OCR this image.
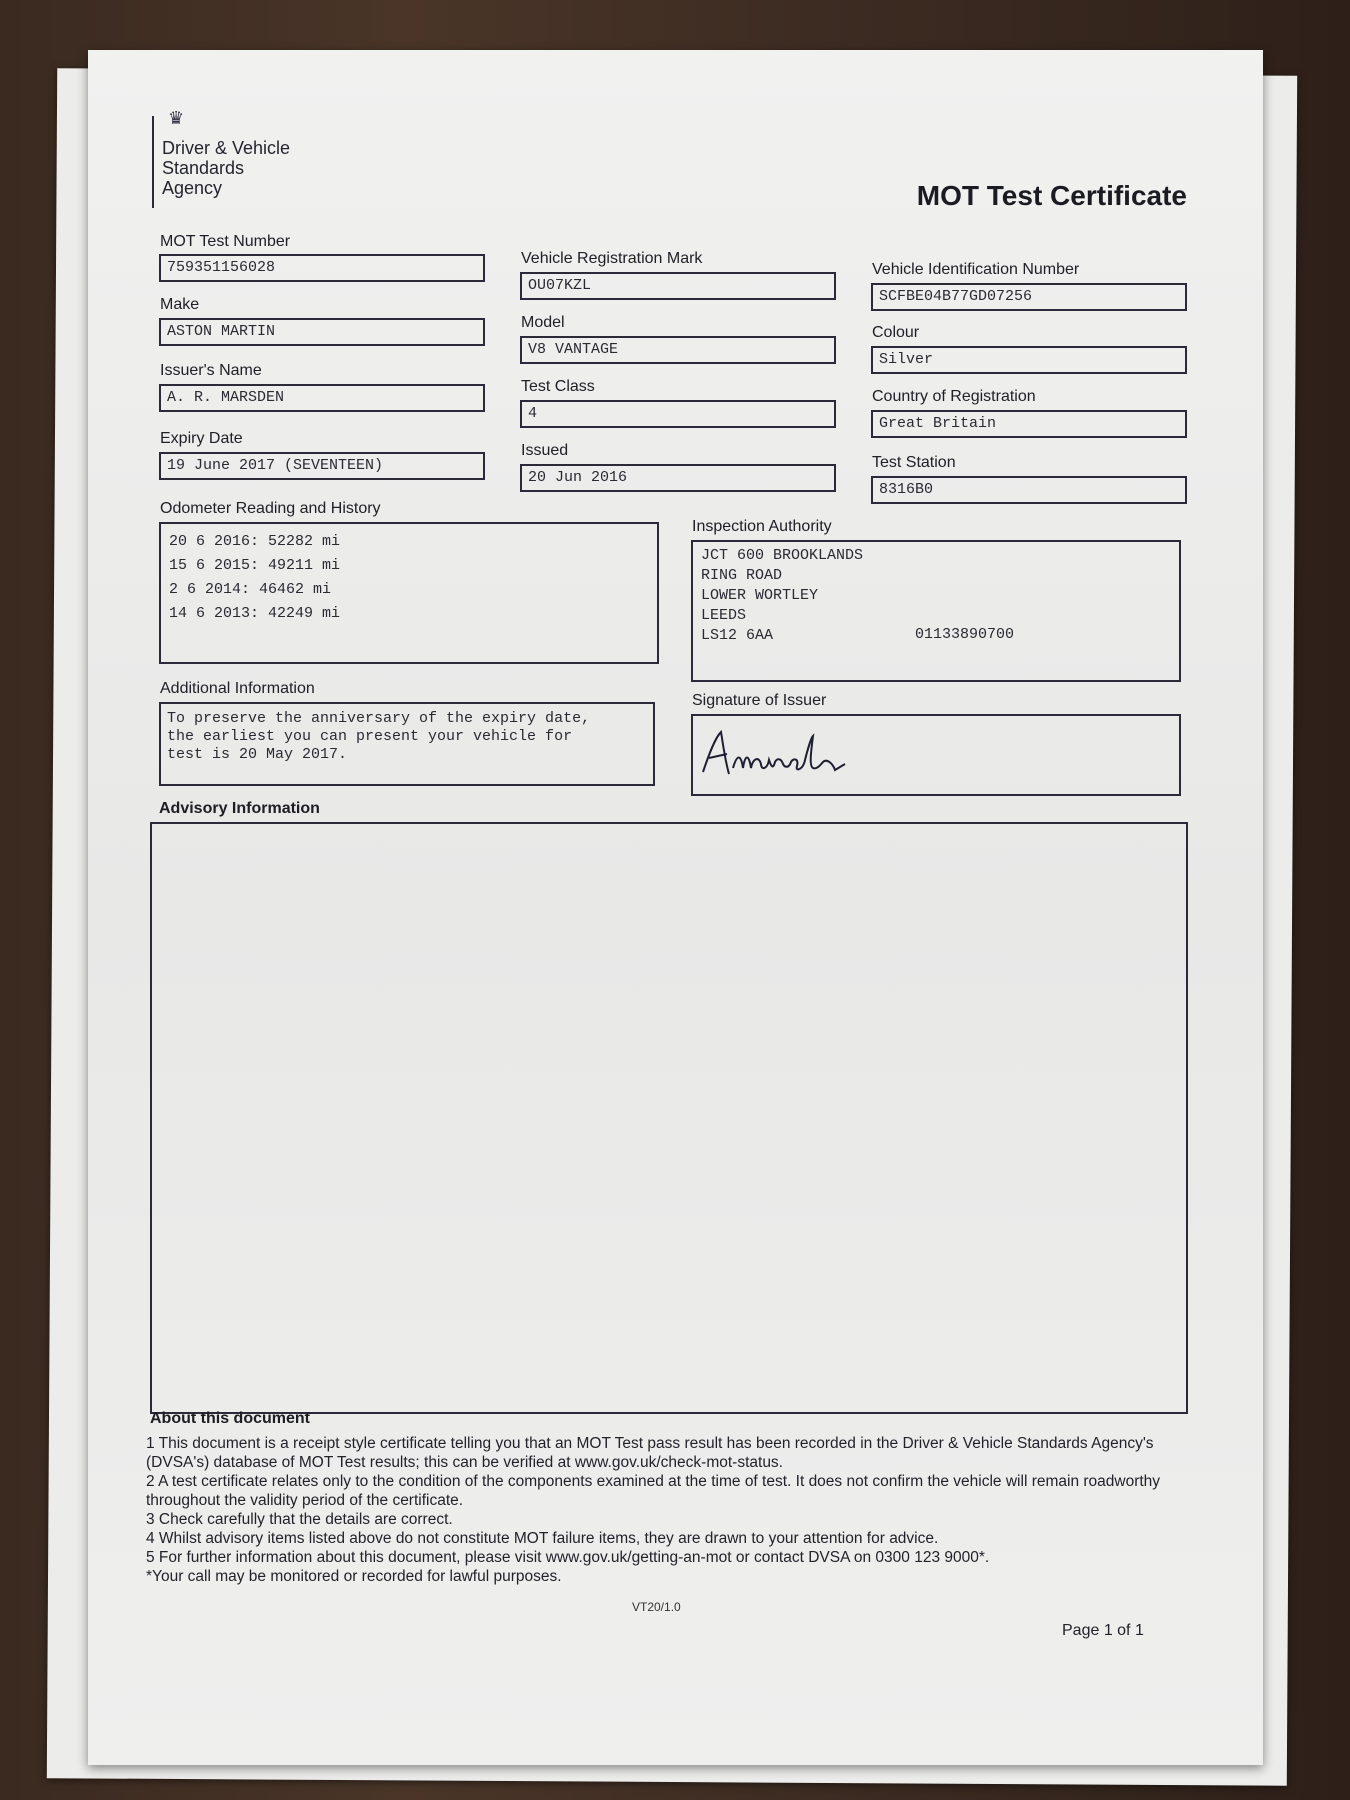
♛
Driver & Vehicle
Standards
Agency	MOT Test Certificate
MOT Test Number
759351156028
Make
ASTON MARTIN
Issuer's Name
A. R. MARSDEN
Expiry Date
19 June 2017 (SEVENTEEN)
Vehicle Registration Mark
OU07KZL
Model
V8 VANTAGE
Test Class
4
Issued
20 Jun 2016
Vehicle Identification Number
SCFBE04B77GD07256
Colour
Silver
Country of Registration
Great Britain
Test Station
8316B0
Odometer Reading and History
20 6 2016: 52282 mi
15 6 2015: 49211 mi
2 6 2014: 46462 mi
14 6 2013: 42249 mi
Inspection Authority
JCT 600 BROOKLANDS
RING ROAD
LOWER WORTLEY
LEEDS
LS12 6AA	01133890700
Additional Information
To preserve the anniversary of the expiry date,
the earliest you can present your vehicle for
test is 20 May 2017.
Signature of Issuer
Advisory Information
About this document

1 This document is a receipt style certificate telling you that an MOT Test pass result has been recorded in the Driver & Vehicle Standards Agency's (DVSA's) database of MOT Test results; this can be verified at www.gov.uk/check-mot-status.

2 A test certificate relates only to the condition of the components examined at the time of test. It does not confirm the vehicle will remain roadworthy throughout the validity period of the certificate.

3 Check carefully that the details are correct.

4 Whilst advisory items listed above do not constitute MOT failure items, they are drawn to your attention for advice.

5 For further information about this document, please visit www.gov.uk/getting-an-mot or contact DVSA on 0300 123 9000*.

*Your call may be monitored or recorded for lawful purposes.

VT20/1.0
Page 1 of 1
